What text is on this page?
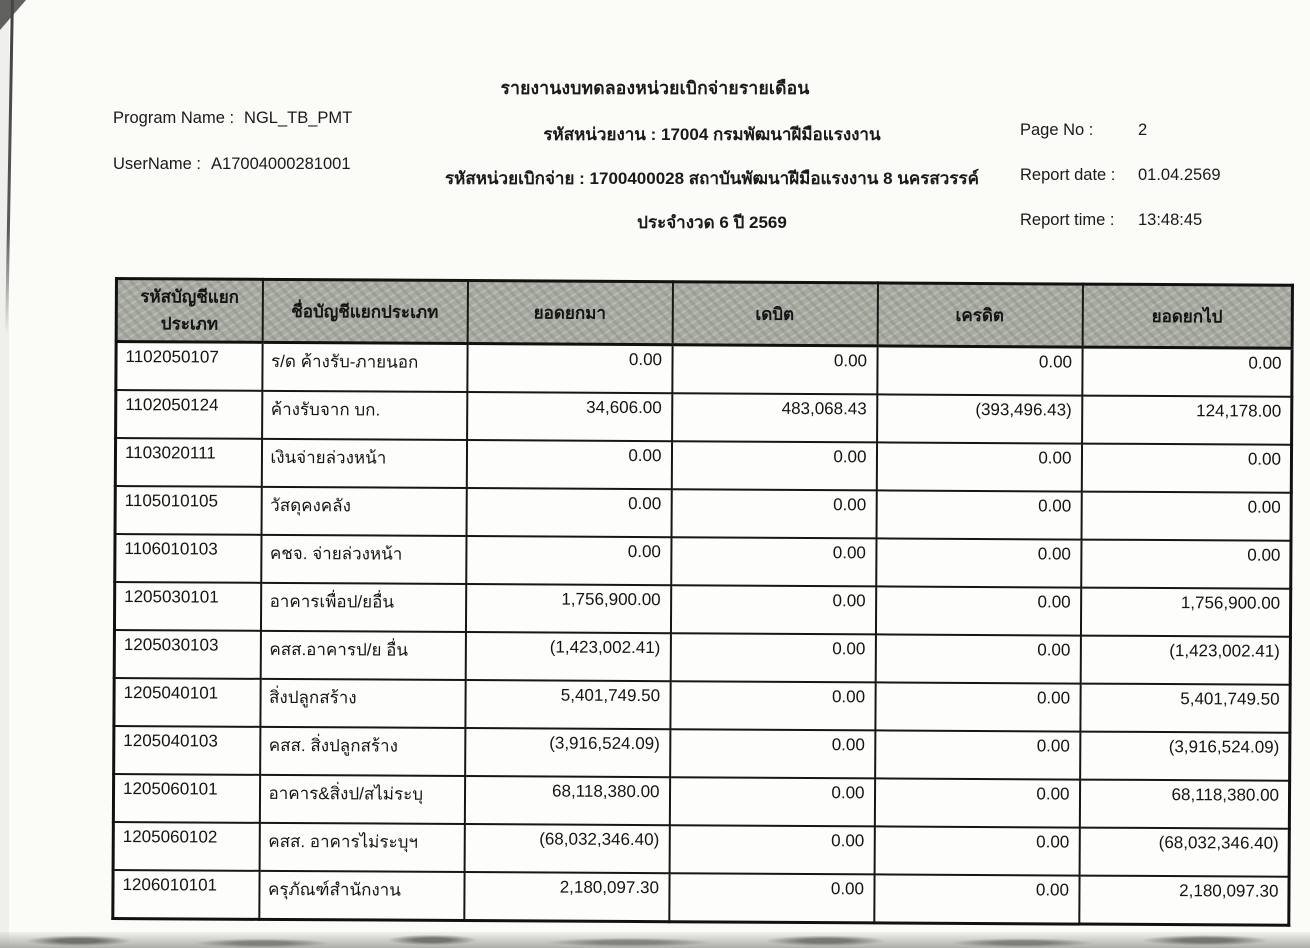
รายงานงบทดลองหน่วยเบิกจ่ายรายเดือน
รหัสหน่วยงาน : 17004 กรมพัฒนาฝีมือแรงงาน
รหัสหน่วยเบิกจ่าย : 1700400028 สถาบันพัฒนาฝีมือแรงงาน 8 นครสวรรค์
ประจำงวด 6 ปี 2569
Program Name : NGL_TB_PMT
UserName : A17004000281001
Page No :	2
Report date :	01.04.2569
Report time :	13:48:45
รหัสบัญชีแยกประเภท	ชื่อบัญชีแยกประเภท	ยอดยกมา	เดบิต	เครดิต	ยอดยกไป
1102050107	ร/ด ค้างรับ-ภายนอก	0.00	0.00	0.00	0.00
1102050124	ค้างรับจาก บก.	34,606.00	483,068.43	(393,496.43)	124,178.00
1103020111	เงินจ่ายล่วงหน้า	0.00	0.00	0.00	0.00
1105010105	วัสดุคงคลัง	0.00	0.00	0.00	0.00
1106010103	คชจ. จ่ายล่วงหน้า	0.00	0.00	0.00	0.00
1205030101	อาคารเพื่อป/ยอื่น	1,756,900.00	0.00	0.00	1,756,900.00
1205030103	คสส.อาคารป/ย อื่น	(1,423,002.41)	0.00	0.00	(1,423,002.41)
1205040101	สิ่งปลูกสร้าง	5,401,749.50	0.00	0.00	5,401,749.50
1205040103	คสส. สิ่งปลูกสร้าง	(3,916,524.09)	0.00	0.00	(3,916,524.09)
1205060101	อาคาร&สิ่งป/สไม่ระบุ	68,118,380.00	0.00	0.00	68,118,380.00
1205060102	คสส. อาคารไม่ระบุฯ	(68,032,346.40)	0.00	0.00	(68,032,346.40)
1206010101	ครุภัณฑ์สำนักงาน	2,180,097.30	0.00	0.00	2,180,097.30
